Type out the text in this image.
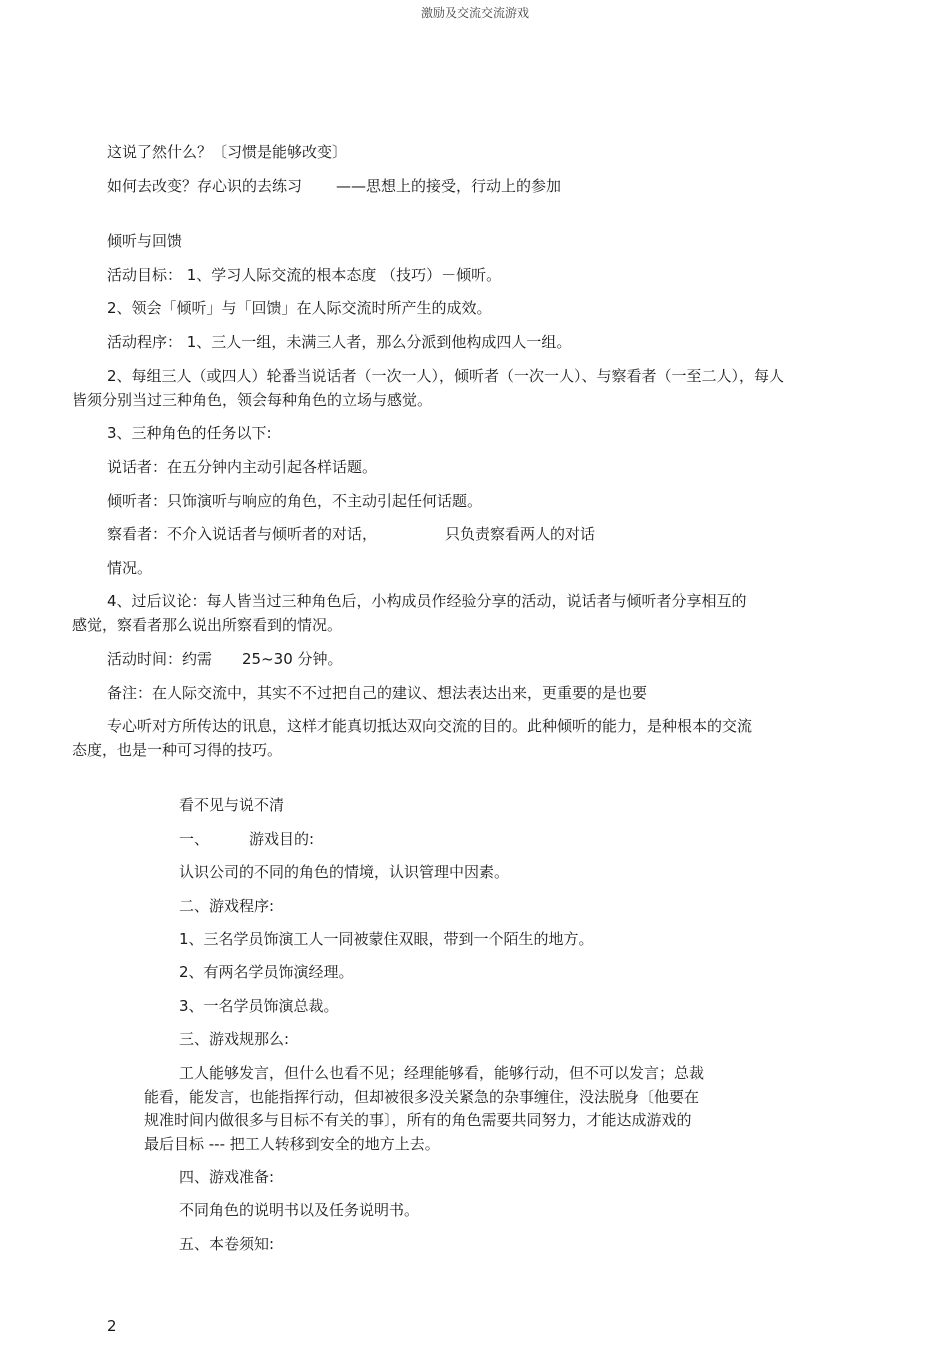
激励及交流交流游戏
这说了然什么？〔习惯是能够改变〕
如何去改变？存心识的去练习 ——思想上的接受，行动上的参加
倾听与回馈
活动目标： 1、学习人际交流的根本态度 （技巧）－倾听。
2、领会「倾听」与「回馈」在人际交流时所产生的成效。
活动程序： 1、三人一组，未满三人者，那么分派到他构成四人一组。
2、每组三人（或四人）轮番当说话者（一次一人），倾听者（一次一人）、与察看者（一至二人），每人
皆须分别当过三种角色，领会每种角色的立场与感觉。
3、三种角色的任务以下:
说话者：在五分钟内主动引起各样话题。
倾听者：只饰演听与响应的角色，不主动引起任何话题。
察看者：不介入说话者与倾听者的对话，	只负责察看两人的对话
情况。
4、过后议论：每人皆当过三种角色后，小构成员作经验分享的活动，说话者与倾听者分享相互的
感觉，察看者那么说出所察看到的情况。
活动时间：约需 25~30 分钟。
备注：在人际交流中，其实不不过把自己的建议、想法表达出来，更重要的是也要
专心听对方所传达的讯息，这样才能真切抵达双向交流的目的。此种倾听的能力，是种根本的交流
态度，也是一种可习得的技巧。
看不见与说不清
一、	游戏目的:
认识公司的不同的角色的情境，认识管理中因素。
二、游戏程序:
1、三名学员饰演工人一同被蒙住双眼，带到一个陌生的地方。
2、有两名学员饰演经理。
3、一名学员饰演总裁。
三、游戏规那么:
工人能够发言，但什么也看不见；经理能够看，能够行动，但不可以发言；总裁
能看，能发言，也能指挥行动，但却被很多没关紧急的杂事缠住，没法脱身〔他要在
规准时间内做很多与目标不有关的事〕，所有的角色需要共同努力，才能达成游戏的
最后目标 --- 把工人转移到安全的地方上去。
四、游戏准备:
不同角色的说明书以及任务说明书。
五、本卷须知:
2
